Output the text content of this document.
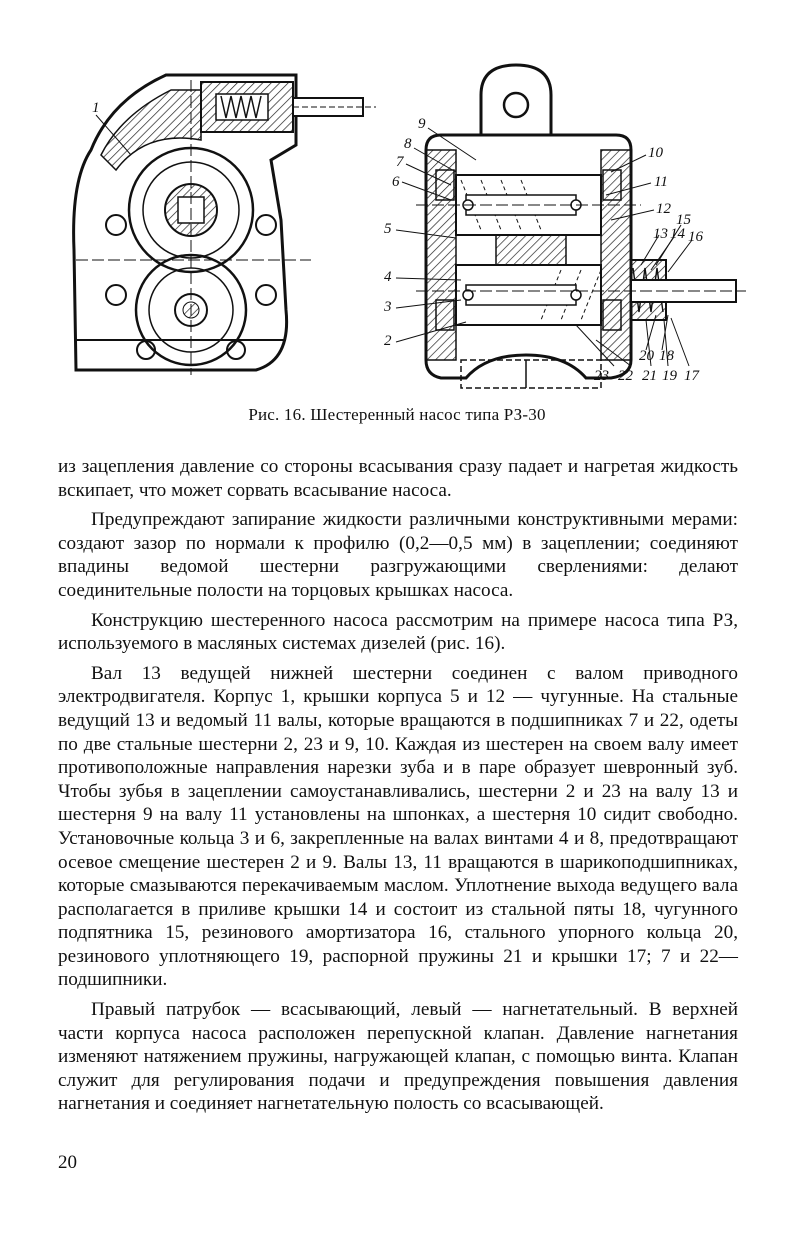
1
9
8
7
6
5
4
3
2
10
11
12
15
13 14 16
20 18
23 22 21 19 17
Рис. 16. Шестеренный насос типа РЗ-30

из зацепления давление со стороны всасывания сразу падает и нагретая жидкость вскипает, что может сорвать всасывание насоса.

Предупреждают запирание жидкости различными конструктивными мерами: создают зазор по нормали к профилю (0,2—0,5 мм) в зацеплении; соединяют впадины ведомой шестерни разгружающими сверлениями: делают соединительные полости на торцовых крышках насоса.

Конструкцию шестеренного насоса рассмотрим на примере насоса типа РЗ, используемого в масляных системах дизелей (рис. 16).

Вал 13 ведущей нижней шестерни соединен с валом приводного электродвигателя. Корпус 1, крышки корпуса 5 и 12 — чугунные. На стальные ведущий 13 и ведомый 11 валы, которые вращаются в подшипниках 7 и 22, одеты по две стальные шестерни 2, 23 и 9, 10. Каждая из шестерен на своем валу имеет противоположные направления нарезки зуба и в паре образует шевронный зуб. Чтобы зубья в зацеплении самоустанавливались, шестерни 2 и 23 на валу 13 и шестерня 9 на валу 11 установлены на шпонках, а шестерня 10 сидит свободно. Установочные кольца 3 и 6, закрепленные на валах винтами 4 и 8, предотвращают осевое смещение шестерен 2 и 9. Валы 13, 11 вращаются в шарикоподшипниках, которые смазываются перекачиваемым маслом. Уплотнение выхода ведущего вала располагается в приливе крышки 14 и состоит из стальной пяты 18, чугунного подпятника 15, резинового амортизатора 16, стального упорного кольца 20, резинового уплотняющего 19, распорной пружины 21 и крышки 17; 7 и 22—подшипники.

Правый патрубок — всасывающий, левый — нагнетательный. В верхней части корпуса насоса расположен перепускной клапан. Давление нагнетания изменяют натяжением пружины, нагружающей клапан, с помощью винта. Клапан служит для регулирования подачи и предупреждения повышения давления нагнетания и соединяет нагнетательную полость со всасывающей.

20
